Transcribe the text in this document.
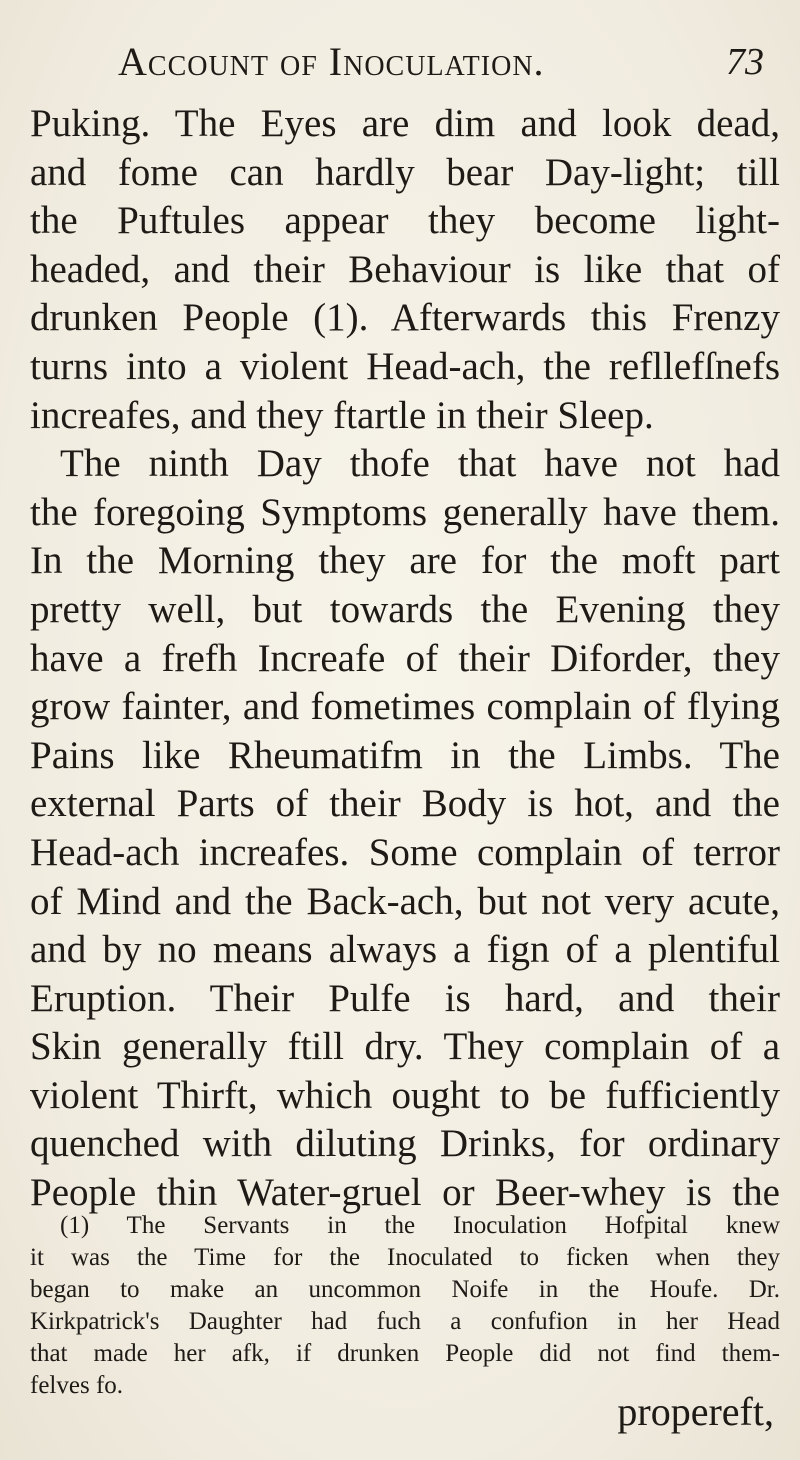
Account of Inoculation.	73
Puking. The Eyes are dim and look dead,
and fome can hardly bear Day-light; till
the Puftules appear they become light-
headed, and their Behaviour is like that of
drunken People (1). Afterwards this Frenzy
turns into a violent Head-ach, the refllefſnefs
increafes, and they ftartle in their Sleep.
The ninth Day thofe that have not had
the foregoing Symptoms generally have them.
In the Morning they are for the moft part
pretty well, but towards the Evening they
have a frefh Increafe of their Diforder, they
grow fainter, and fometimes complain of flying
Pains like Rheumatifm in the Limbs. The
external Parts of their Body is hot, and the
Head-ach increafes. Some complain of terror
of Mind and the Back-ach, but not very acute,
and by no means always a fign of a plentiful
Eruption. Their Pulfe is hard, and their
Skin generally ftill dry. They complain of a
violent Thirft, which ought to be fufficiently
quenched with diluting Drinks, for ordinary
People thin Water-gruel or Beer-whey is the
(1) The Servants in the Inoculation Hofpital knew
it was the Time for the Inoculated to ficken when they
began to make an uncommon Noife in the Houfe. Dr.
Kirkpatrick's Daughter had fuch a confufion in her Head
that made her afk, if drunken People did not find them-
felves fo.
propereft,
